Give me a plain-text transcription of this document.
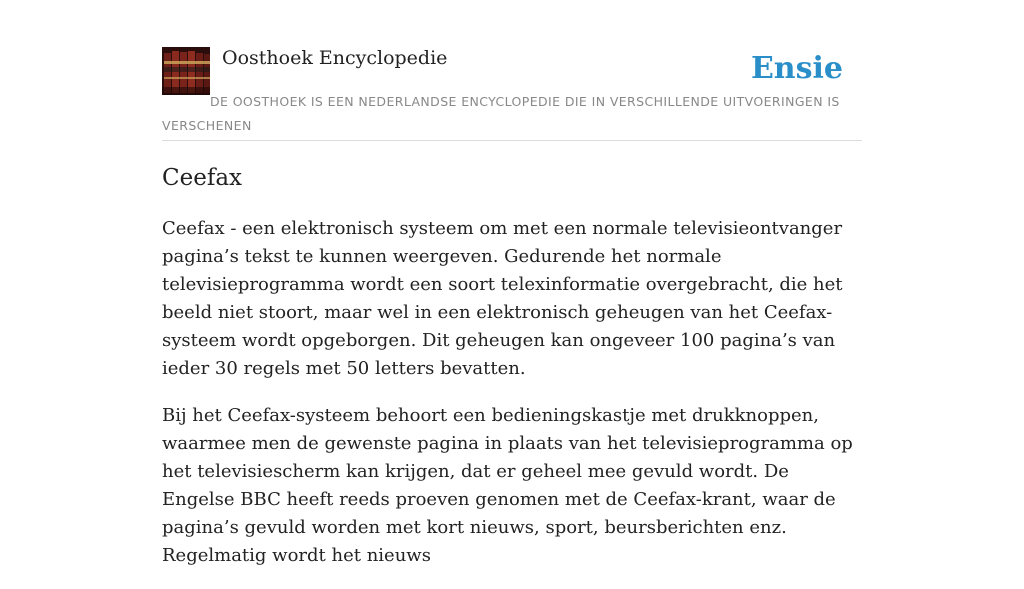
Oosthoek Encyclopedie	Ensie
DE OOSTHOEK IS EEN NEDERLANDSE ENCYCLOPEDIE DIE IN VERSCHILLENDE UITVOERINGEN IS VERSCHENEN
Ceefax

Ceefax - een elektronisch systeem om met een normale televisieontvanger pagina’s tekst te kunnen weergeven. Gedurende het normale televisieprogramma wordt een soort telexinformatie overgebracht, die het beeld niet stoort, maar wel in een elektronisch geheugen van het Ceefax-systeem wordt opgeborgen. Dit geheugen kan ongeveer 100 pagina’s van ieder 30 regels met 50 letters bevatten.

Bij het Ceefax-systeem behoort een bedieningskastje met drukknoppen, waarmee men de gewenste pagina in plaats van het televisieprogramma op het televisiescherm kan krijgen, dat er geheel mee gevuld wordt. De Engelse BBC heeft reeds proeven genomen met de Ceefax-krant, waar de pagina’s gevuld worden met kort nieuws, sport, beursberichten enz. Regelmatig wordt het nieuws
